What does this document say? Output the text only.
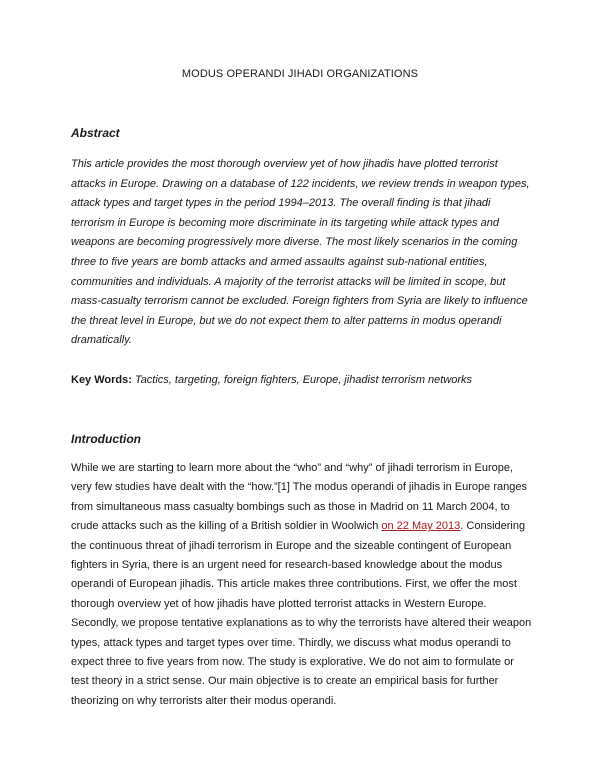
MODUS OPERANDI JIHADI ORGANIZATIONS
Abstract
This article provides the most thorough overview yet of how jihadis have plotted terrorist attacks in Europe. Drawing on a database of 122 incidents, we review trends in weapon types, attack types and target types in the period 1994–2013. The overall finding is that jihadi terrorism in Europe is becoming more discriminate in its targeting while attack types and weapons are becoming progressively more diverse. The most likely scenarios in the coming three to five years are bomb attacks and armed assaults against sub-national entities, communities and individuals. A majority of the terrorist attacks will be limited in scope, but mass-casualty terrorism cannot be excluded. Foreign fighters from Syria are likely to influence the threat level in Europe, but we do not expect them to alter patterns in modus operandi dramatically.
Key Words: Tactics, targeting, foreign fighters, Europe, jihadist terrorism networks
Introduction
While we are starting to learn more about the “who” and “why” of jihadi terrorism in Europe, very few studies have dealt with the “how.”[1] The modus operandi of jihadis in Europe ranges from simultaneous mass casualty bombings such as those in Madrid on 11 March 2004, to crude attacks such as the killing of a British soldier in Woolwich on 22 May 2013. Considering the continuous threat of jihadi terrorism in Europe and the sizeable contingent of European fighters in Syria, there is an urgent need for research-based knowledge about the modus operandi of European jihadis. This article makes three contributions. First, we offer the most thorough overview yet of how jihadis have plotted terrorist attacks in Western Europe. Secondly, we propose tentative explanations as to why the terrorists have altered their weapon types, attack types and target types over time. Thirdly, we discuss what modus operandi to expect three to five years from now. The study is explorative. We do not aim to formulate or test theory in a strict sense. Our main objective is to create an empirical basis for further theorizing on why terrorists alter their modus operandi.
